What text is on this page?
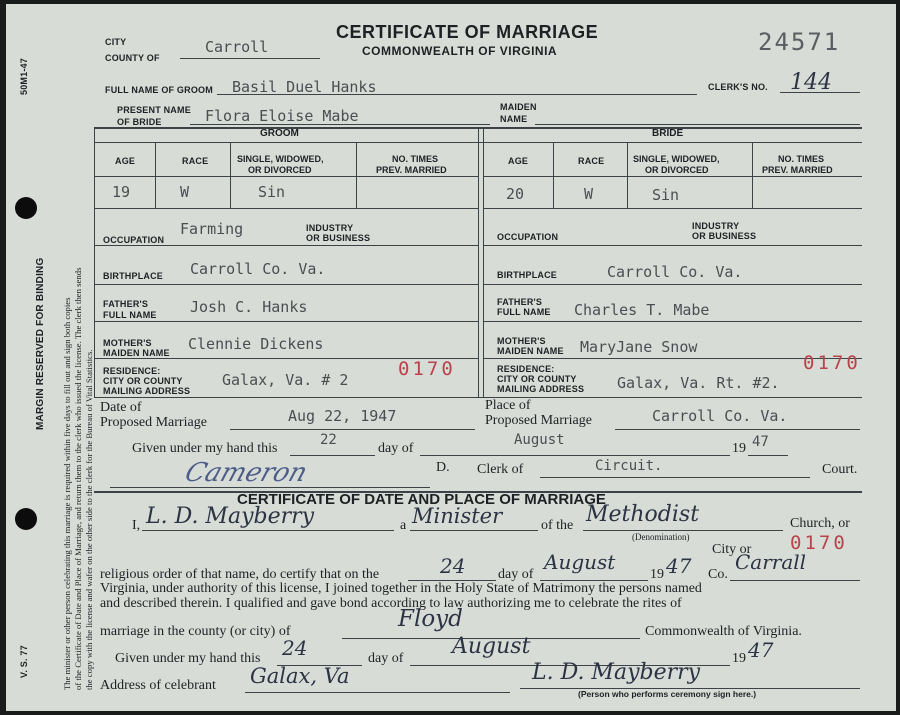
50M1-47
V. S. 77
MARGIN RESERVED FOR BINDING The minister or other person celebrating this marriage is required within five days to fill out and sign both copies of the Certificate of Date and Place of Marriage, and return them to the clerk who issued the license. The clerk then sends the copy with the license and wafer on the other side to the clerk for the Bureau of Vital Statistics.
CITY
COUNTY OF
Carroll
CERTIFICATE OF MARRIAGE
COMMONWEALTH OF VIRGINIA	24571
FULL NAME OF GROOM Basil Duel Hanks	CLERK'S NO. 144
PRESENT NAME
OF BRIDE	Flora Eloise Mabe	MAIDEN
NAME
GROOM	BRIDE
AGE	RACE	SINGLE, WIDOWED,
OR DIVORCED
NO. TIMES
PREV. MARRIED
19	W	Sin
AGE	RACE	SINGLE, WIDOWED,
OR DIVORCED
NO. TIMES
PREV. MARRIED
20	W	Sin
OCCUPATION
Farming	INDUSTRY
OR BUSINESS
BIRTHPLACE Carroll Co. Va.
FATHER'S
FULL NAME Josh C. Hanks
MOTHER'S
MAIDEN NAME Clennie Dickens
RESIDENCE:
CITY OR COUNTY
MAILING ADDRESS
Galax, Va. # 2	0170
OCCUPATION
INDUSTRY
OR BUSINESS
BIRTHPLACE	Carroll Co. Va.
FATHER'S
FULL NAME Charles T. Mabe
MOTHER'S
MAIDEN NAME MaryJane Snow
RESIDENCE:
CITY OR COUNTY
MAILING ADDRESS Galax, Va. Rt. #2.
0170
Date of
Proposed Marriage	Aug 22, 1947
Place of
Proposed Marriage	Carroll Co. Va.
Given under my hand this
22
day of
August
19 47
Cameron	D. Clerk of	Circuit.	Court.
CERTIFICATE OF DATE AND PLACE OF MARRIAGE
I, L. D. Mayberry	a Minister	of the Methodist	Church, or
(Denomination)
City or 0170
religious order of that name, do certify that on the	24 day of
August
19 47 Co.
Carrall
Virginia, under authority of this license, I joined together in the Holy State of Matrimony the persons named
and described therein. I qualified and gave bond according to law authorizing me to celebrate the rites of
marriage in the county (or city) of	Floyd	Commonwealth of Virginia.
Given under my hand this 24	day of August	19 47
Address of celebrant Galax, Va	L. D. Mayberry
(Person who performs ceremony sign here.)
